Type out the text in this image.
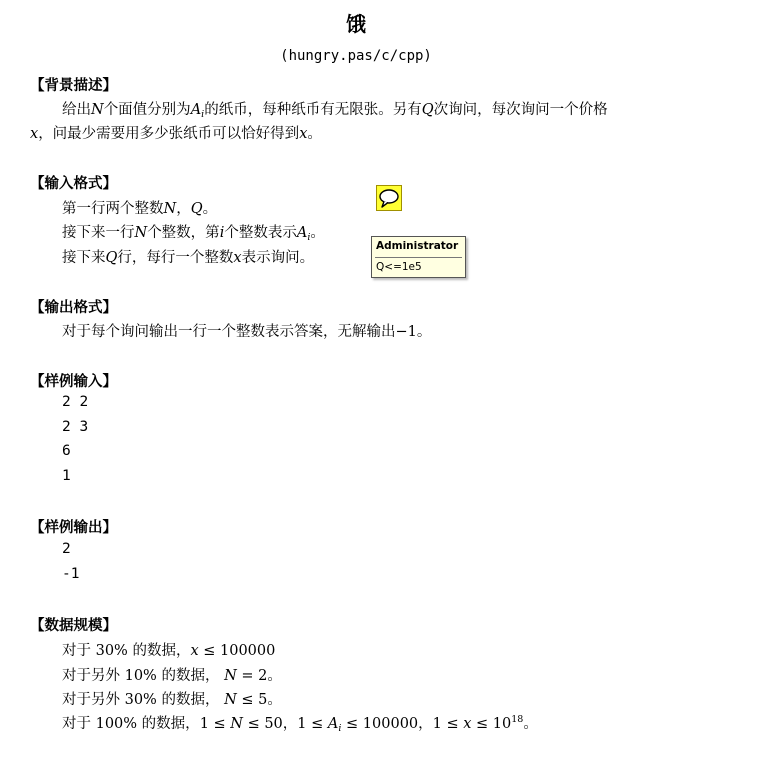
饿
(hungry.pas/c/cpp)
【背景描述】
给出N个面值分别为$A_i$的纸币，每种纸币有无限张。另有Q次询问，每次询问一个价格
x，问最少需要用多少张纸币可以恰好得到x。
【输入格式】
第一行两个整数N，Q。
接下来一行N个整数，第i个整数表示$A_i$。
接下来Q行，每行一个整数x表示询问。
Administrator
Q<=1e5
【输出格式】
对于每个询问输出一行一个整数表示答案，无解输出−1。
【样例输入】
2 2
2 3
6
1
【样例输出】
2
-1
【数据规模】
对于 30% 的数据，x ≤ 100000
对于另外 10% 的数据， N = 2。
对于另外 30% 的数据， N ≤ 5。
对于 100% 的数据，1 ≤ N ≤ 50，$1 \le A_i \le 100000$，$1 \le x \le 10^{18}$。
